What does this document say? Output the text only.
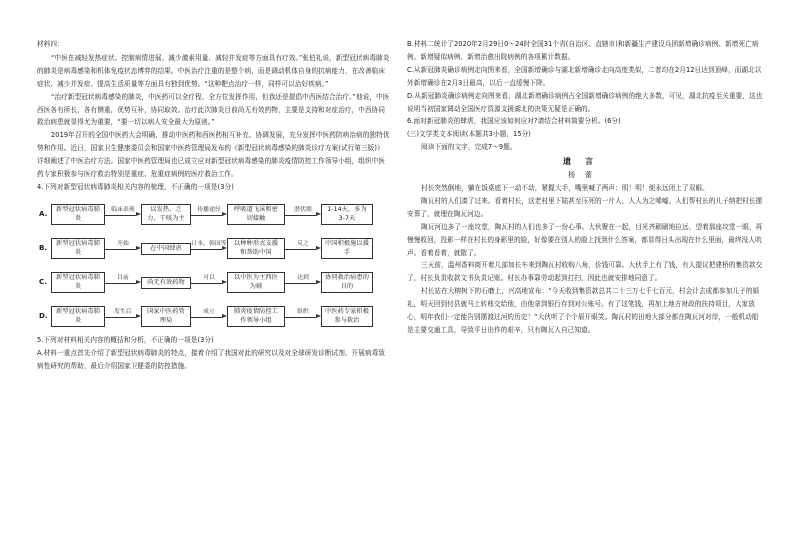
材料四：

“中医在减轻发热症状、控制病情进展、减少激素用量、减轻并发症等方面具有疗效。”张伯礼说，新型冠状病毒肺炎的肺炎是病毒感染和机体免疫状态博弈的结果。中医治疗注重的是整个病，而是调动机体自身的抗病能力，在改善临床症状、减少并发症、提高生活质量等方面具有独到优势。“这种靶点治疗一样，同样可以治好疾病。”

“治疗新型冠状病毒感染的肺炎，中医药可以全疗程、全方位发挥作用，但我还是提倡中西医结合治疗。”他说，中医西医各有所长，各有侧重，优势互补，协同取效。治疗此次肺炎目前尚无有效药物，主要是支持和对症治疗，中西协同救治病患就显得尤为重要，“要一切以病人安全最大为原则。”

2019年召开的全国中医药大会明确，推动中医药和西医药相互补充、协调发展，充分发挥中医药防病治病的独特优势和作用。近日，国家卫生健康委员会和国家中医药管理局发布的《新型冠状病毒感染的肺炎诊疗方案(试行第三版)》详细阐述了中医治疗方法。国家中医药管理局也已成立应对新型冠状病毒感染的肺炎疫情防控工作领导小组，组织中医药专家积极参与医疗救治特别是重症、危重症病例的医疗救治工作。

4.下列对新型冠状病毒肺炎相关内容的梳理，不正确的一项是(3分)

A.
新型冠状病毒肺炎
临床表现	以发热、乏力、干咳为主
传播途径	呼吸道飞沫和密切接触
潜伏期	1-14天，多为3-7天
B.
新型冠状病毒肺炎
开始
在中国肆虐
日本、韩国等	以种种形式支援和帮助中国
反之	中国积极施以援手
C.
新型冠状病毒肺炎
目前
尚无有效药物
可以	以中医为主西医为辅
达到	协同救治病患的目的
D.
新型冠状病毒肺炎
发生后	国家中医药管理局
成立	肺炎疫情防控工作领导小组
组织	中医药专家积极参与救治

5.下列对材料相关内容的概括和分析，不正确的一项是(3分)

A.材料一重点首先介绍了新型冠状病毒肺炎的特点，接着介绍了我国对此的研究以及对全球研发诊断试剂、开展病毒致病性研究的帮助，最后介绍国家卫健委的防控措施。

B.材料二统计了2020年2月29日0～24时全国31个省(自治区、直辖市)和新疆生产建设兵团新增确诊病例、新增死亡病例、新增疑似病例、新增治愈出院病例的各项累计数据。

C.从新冠肺炎确诊病例走向图来看，全国新增确诊与湖北新增确诊走向高度类似，二者均在2月12日达到顶峰，而湖北以外新增确诊在2月3日最高，以后一直缓慢下降。

D.从新冠肺炎确诊病例走向图来看，湖北新增确诊病例占全国新增确诊病例的绝大多数，可见，湖北抗疫至关重要，这也说明当初国家调动全国医疗资源支援湖北的决策无疑是正确的。

6.面对新冠肺炎的肆虐，我国应该如何应对?请结合材料简要分析。(6分)

(三)文学类文本阅读(本题共3小题，15分)

阅读下面的文字，完成7～9题。

遗言

杨蕾

村长突然倒地，躺在饭桌底下一动不动，紧握大手，嘴里喊了两声：明！明！便永远闭上了双眼。

陶瓦村的人们凑了过来。看着村长，这老村里下陆甚至压死的一片人，人人为之唏嘘。人们帮村长的儿子纳把村长摆安葬了，就埋在陶瓦河边。

陶瓦河边多了一座坟堂，陶瓦村的人们也多了一份心事。大伙聚在一起，目光齐刷刷地拉远，望着那座坟堂一眼，再慢慢收回，投影一样在村长的身影里的脸，好像要在别人的脸上找到什么答案，都显得日头出现在什么里面，最终没人吭声。看着看着，就散了。

三天前，温州香料商开着几部加长车来到陶瓦村收购八角，价钱可靠。大伙手上有了钱，有人提议把建桥的集资款交了，村长负责收款文书负责记账。村长办事靠劳动起到打扫，因此也就安排地同意了。

村长站在大榕树下的石磨上，兴高地宣布：“今天收到集资款总共二十三万七千七百元，村会计去成都参加儿子的婚礼，明天回到付县就马上转账交给他，由他拿到银行存到对公账号。有了这笔钱，再加上地方财政的扶持项目，大家放心，明年我们一定能告别摆渡过河的历史！”大伙听了个个眉开眼笑。陶瓦村的田地大部分都在陶瓦河对岸，一般机动船是主要交通工具，导致平日出作的艰辛，只有陶瓦人自己知道。
